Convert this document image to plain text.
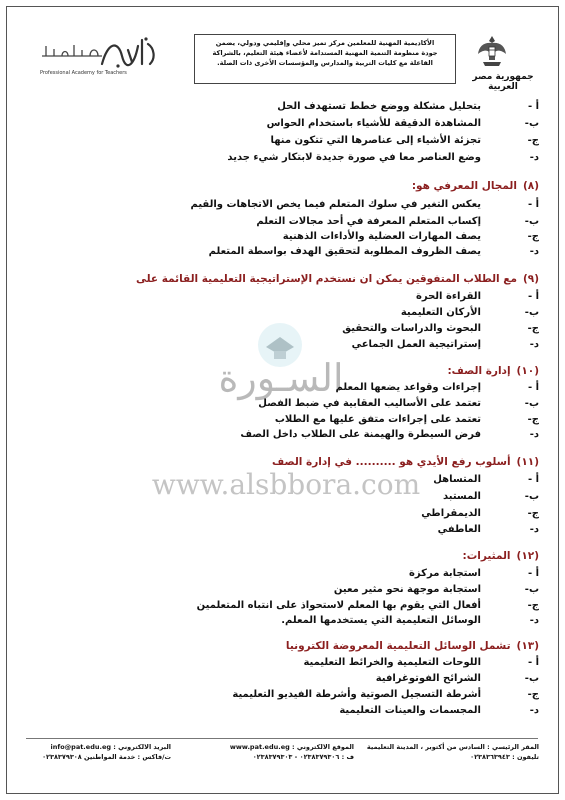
Professional Academy for Teachers
الأكاديمية المهنية للمعلمين مركز تميز محلي وإقليمي ودولي، يضمن
جودة منظومة التنمية المهنية المستدامة لأعضاء هيئة التعليم، بالشراكة
الفاعلة مع كليات التربية والمدارس والمؤسسات الأخرى ذات الصلة.
جمهورية مصر العربية
أ -بتحليل مشكلة ووضع خطط تستهدف الحل
ب-المشاهدة الدقيقة للأشياء باستخدام الحواس
ج-تجزئة الأشياء إلى عناصرها التي تتكون منها
د-وضع العناصر معا في صورة جديدة لابتكار شيء جديد
(٨)المجال المعرفي هو:
أ -يعكس التغير في سلوك المتعلم فيما يخص الاتجاهات والقيم
ب-إكساب المتعلم المعرفة في أحد مجالات التعلم
ج-يصف المهارات العضلية والأداءات الذهنية
د-يصف الظروف المطلوبة لتحقيق الهدف بواسطة المتعلم
(٩)مع الطلاب المتفوقين يمكن ان نستخدم الإستراتيجية التعليمية القائمة على
أ -القراءة الحرة
ب-الأركان التعليمية
ج-البحوث والدراسات والتحقيق
د-إستراتيجية العمل الجماعي
السـورة	(١٠)إدارة الصف:
أ -إجراءات وقواعد يضعها المعلم
ب-تعتمد على الأساليب العقابية في ضبط الفصل
ج-تعتمد على إجراءات متفق عليها مع الطلاب
د-فرض السيطرة والهيمنة على الطلاب داخل الصف
(١١)أسلوب رفع الأيدي هو .......... في إدارة الصف
أ -المتساهل
www.alsbbora.com	ب-المستبد
ج-الديمقراطي
د-العاطفي
(١٢)المثيرات:
أ -استجابة مركزة
ب-استجابة موجهة نحو مثير معين
ج-أفعال التي يقوم بها المعلم لاستحواذ على انتباه المتعلمين
د-الوسائل التعليمية التي يستخدمها المعلم.
(١٣)تشمل الوسائل التعليمية المعروضة الكترونيا
أ -اللوحات التعليمية والخرائط التعليمية
ب-الشرائح الفوتوغرافية
ج-أشرطة التسجيل الصوتية وأشرطة الفيديو التعليمية
د-المجسمات والعينات التعليمية
المقر الرئيسي : السادس من أكتوبر ، المدينة التعليمية
تليفون : ٠٢٣٨٣٦٣٩٤٣
الموقع الالكتروني : www.pat.edu.eg
ف : ٠٢٣٨٣٧٩٣٠٦ - ٠٢٣٨٣٧٩٣٠٣
البريد الالكتروني : info@pat.edu.eg
ت/فاكس : خدمة المواطنين ٠٢٣٨٣٧٩٣٠٨
